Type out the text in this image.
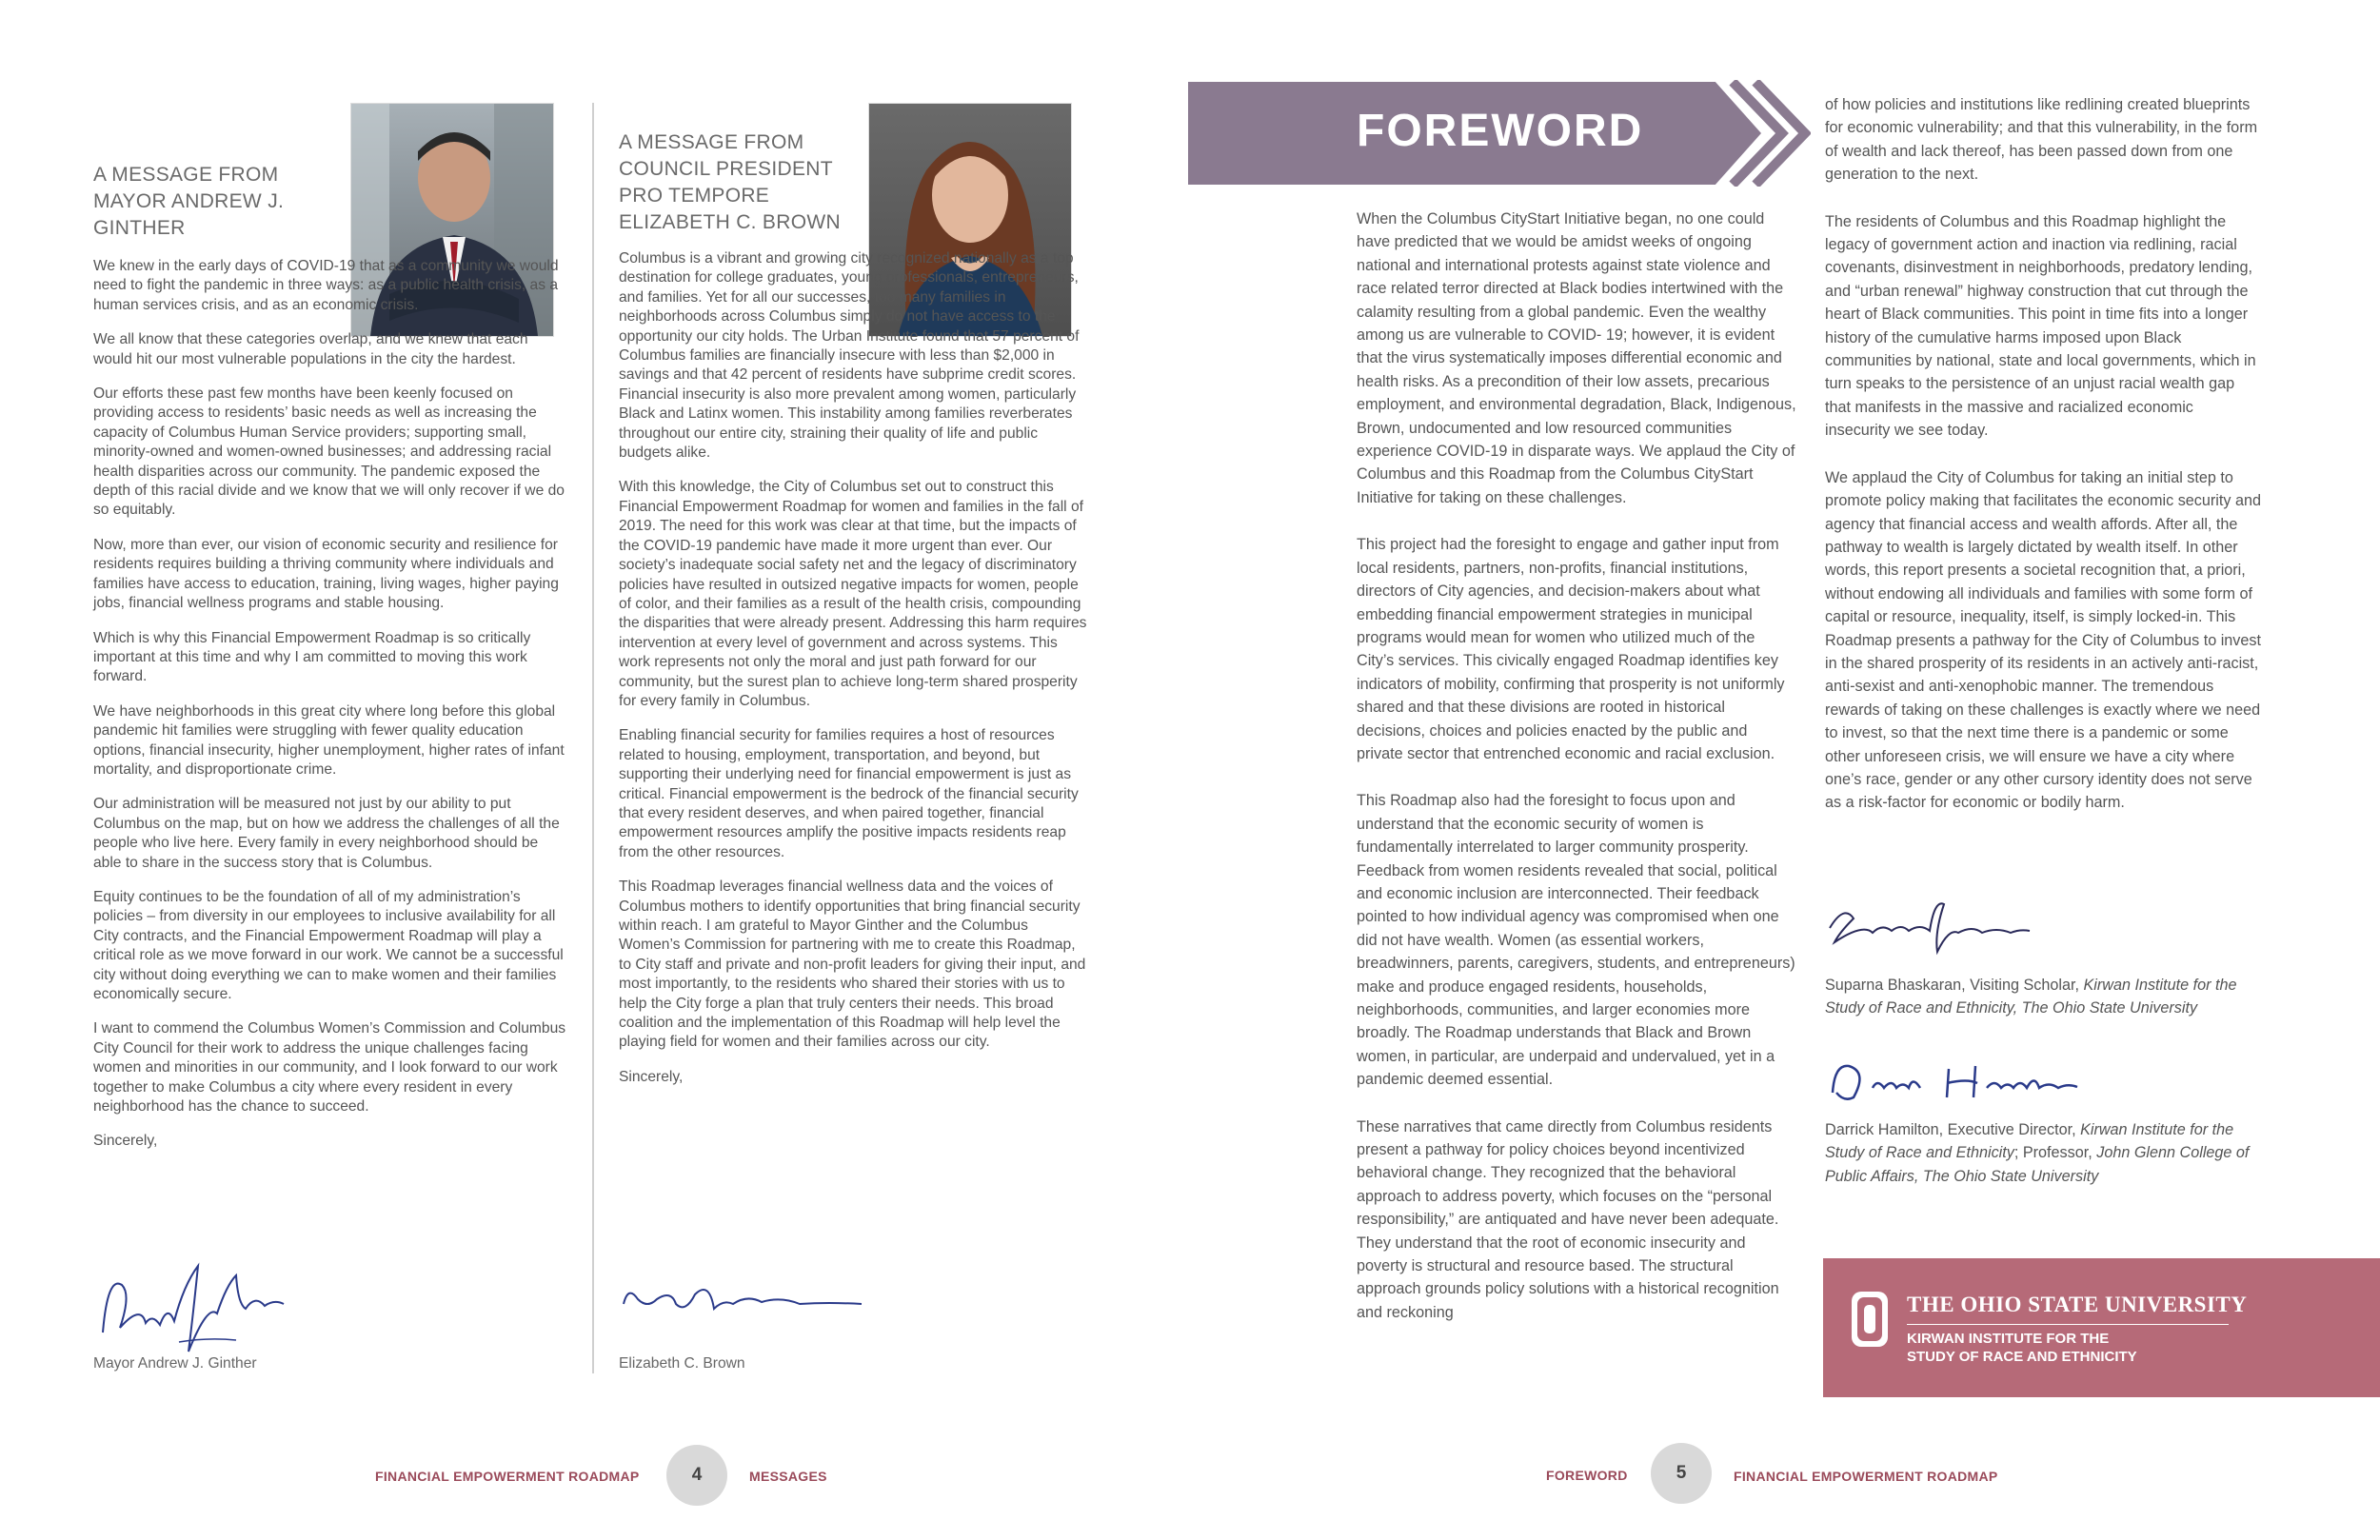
A MESSAGE FROM MAYOR ANDREW J. GINTHER

We knew in the early days of COVID-19 that as a community we would need to fight the pandemic in three ways: as a public health crisis, as a human services crisis, and as an economic crisis.

We all know that these categories overlap, and we knew that each would hit our most vulnerable populations in the city the hardest.

Our efforts these past few months have been keenly focused on providing access to residents’ basic needs as well as increasing the capacity of Columbus Human Service providers; supporting small, minority-owned and women-owned businesses; and addressing racial health disparities across our community. The pandemic exposed the depth of this racial divide and we know that we will only recover if we do so equitably.

Now, more than ever, our vision of economic security and resilience for residents requires building a thriving community where individuals and families have access to education, training, living wages, higher paying jobs, financial wellness programs and stable housing.

Which is why this Financial Empowerment Roadmap is so critically important at this time and why I am committed to moving this work forward.

We have neighborhoods in this great city where long before this global pandemic hit families were struggling with fewer quality education options, financial insecurity, higher unemployment, higher rates of infant mortality, and disproportionate crime.

Our administration will be measured not just by our ability to put Columbus on the map, but on how we address the challenges of all the people who live here. Every family in every neighborhood should be able to share in the success story that is Columbus.

Equity continues to be the foundation of all of my administration’s policies – from diversity in our employees to inclusive availability for all City contracts, and the Financial Empowerment Roadmap will play a critical role as we move forward in our work. We cannot be a successful city without doing everything we can to make women and their families economically secure.

I want to commend the Columbus Women’s Commission and Columbus City Council for their work to address the unique challenges facing women and minorities in our community, and I look forward to our work together to make Columbus a city where every resident in every neighborhood has the chance to succeed.

Sincerely,

Mayor Andrew J. Ginther
A MESSAGE FROM COUNCIL PRESIDENT PRO TEMPORE ELIZABETH C. BROWN

Columbus is a vibrant and growing city recognized nationally as a top destination for college graduates, young professionals, entrepreneurs, and families. Yet for all our successes, too many families in neighborhoods across Columbus simply do not have access to the opportunity our city holds. The Urban Institute found that 57 percent of Columbus families are financially insecure with less than $2,000 in savings and that 42 percent of residents have subprime credit scores. Financial insecurity is also more prevalent among women, particularly Black and Latinx women. This instability among families reverberates throughout our entire city, straining their quality of life and public budgets alike.

With this knowledge, the City of Columbus set out to construct this Financial Empowerment Roadmap for women and families in the fall of 2019. The need for this work was clear at that time, but the impacts of the COVID-19 pandemic have made it more urgent than ever. Our society’s inadequate social safety net and the legacy of discriminatory policies have resulted in outsized negative impacts for women, people of color, and their families as a result of the health crisis, compounding the disparities that were already present. Addressing this harm requires intervention at every level of government and across systems. This work represents not only the moral and just path forward for our community, but the surest plan to achieve long-term shared prosperity for every family in Columbus.

Enabling financial security for families requires a host of resources related to housing, employment, transportation, and beyond, but supporting their underlying need for financial empowerment is just as critical. Financial empowerment is the bedrock of the financial security that every resident deserves, and when paired together, financial empowerment resources amplify the positive impacts residents reap from the other resources.

This Roadmap leverages financial wellness data and the voices of Columbus mothers to identify opportunities that bring financial security within reach. I am grateful to Mayor Ginther and the Columbus Women’s Commission for partnering with me to create this Roadmap, to City staff and private and non-profit leaders for giving their input, and most importantly, to the residents who shared their stories with us to help the City forge a plan that truly centers their needs. This broad coalition and the implementation of this Roadmap will help level the playing field for women and their families across our city.

Sincerely,

Elizabeth C. Brown
FINANCIAL EMPOWERMENT ROADMAP	4	MESSAGES
FOREWORD

When the Columbus CityStart Initiative began, no one could have predicted that we would be amidst weeks of ongoing national and international protests against state violence and race related terror directed at Black bodies intertwined with the calamity resulting from a global pandemic. Even the wealthy among us are vulnerable to COVID- 19; however, it is evident that the virus systematically imposes differential economic and health risks. As a precondition of their low assets, precarious employment, and environmental degradation, Black, Indigenous, Brown, undocumented and low resourced communities experience COVID-19 in disparate ways. We applaud the City of Columbus and this Roadmap from the Columbus CityStart Initiative for taking on these challenges.

This project had the foresight to engage and gather input from local residents, partners, non-profits, financial institutions, directors of City agencies, and decision-makers about what embedding financial empowerment strategies in municipal programs would mean for women who utilized much of the City’s services. This civically engaged Roadmap identifies key indicators of mobility, confirming that prosperity is not uniformly shared and that these divisions are rooted in historical decisions, choices and policies enacted by the public and private sector that entrenched economic and racial exclusion.

This Roadmap also had the foresight to focus upon and understand that the economic security of women is fundamentally interrelated to larger community prosperity. Feedback from women residents revealed that social, political and economic inclusion are interconnected. Their feedback pointed to how individual agency was compromised when one did not have wealth. Women (as essential workers, breadwinners, parents, caregivers, students, and entrepreneurs) make and produce engaged residents, households, neighborhoods, communities, and larger economies more broadly. The Roadmap understands that Black and Brown women, in particular, are underpaid and undervalued, yet in a pandemic deemed essential.

These narratives that came directly from Columbus residents present a pathway for policy choices beyond incentivized behavioral change. They recognized that the behavioral approach to address poverty, which focuses on the “personal responsibility,” are antiquated and have never been adequate. They understand that the root of economic insecurity and poverty is structural and resource based. The structural approach grounds policy solutions with a historical recognition and reckoning

of how policies and institutions like redlining created blueprints for economic vulnerability; and that this vulnerability, in the form of wealth and lack thereof, has been passed down from one generation to the next.

The residents of Columbus and this Roadmap highlight the legacy of government action and inaction via redlining, racial covenants, disinvestment in neighborhoods, predatory lending, and “urban renewal” highway construction that cut through the heart of Black communities. This point in time fits into a longer history of the cumulative harms imposed upon Black communities by national, state and local governments, which in turn speaks to the persistence of an unjust racial wealth gap that manifests in the massive and racialized economic insecurity we see today.

We applaud the City of Columbus for taking an initial step to promote policy making that facilitates the economic security and agency that financial access and wealth affords. After all, the pathway to wealth is largely dictated by wealth itself. In other words, this report presents a societal recognition that, a priori, without endowing all individuals and families with some form of capital or resource, inequality, itself, is simply locked-in. This Roadmap presents a pathway for the City of Columbus to invest in the shared prosperity of its residents in an actively anti-racist, anti-sexist and anti-xenophobic manner. The tremendous rewards of taking on these challenges is exactly where we need to invest, so that the next time there is a pandemic or some other unforeseen crisis, we will ensure we have a city where one’s race, gender or any other cursory identity does not serve as a risk-factor for economic or bodily harm.

Suparna Bhaskaran, Visiting Scholar, Kirwan Institute for the Study of Race and Ethnicity, The Ohio State University

Darrick Hamilton, Executive Director, Kirwan Institute for the Study of Race and Ethnicity; Professor, John Glenn College of Public Affairs, The Ohio State University

THE OHIO STATE UNIVERSITY
KIRWAN INSTITUTE FOR THE
STUDY OF RACE AND ETHNICITY
FOREWORD	5	FINANCIAL EMPOWERMENT ROADMAP
